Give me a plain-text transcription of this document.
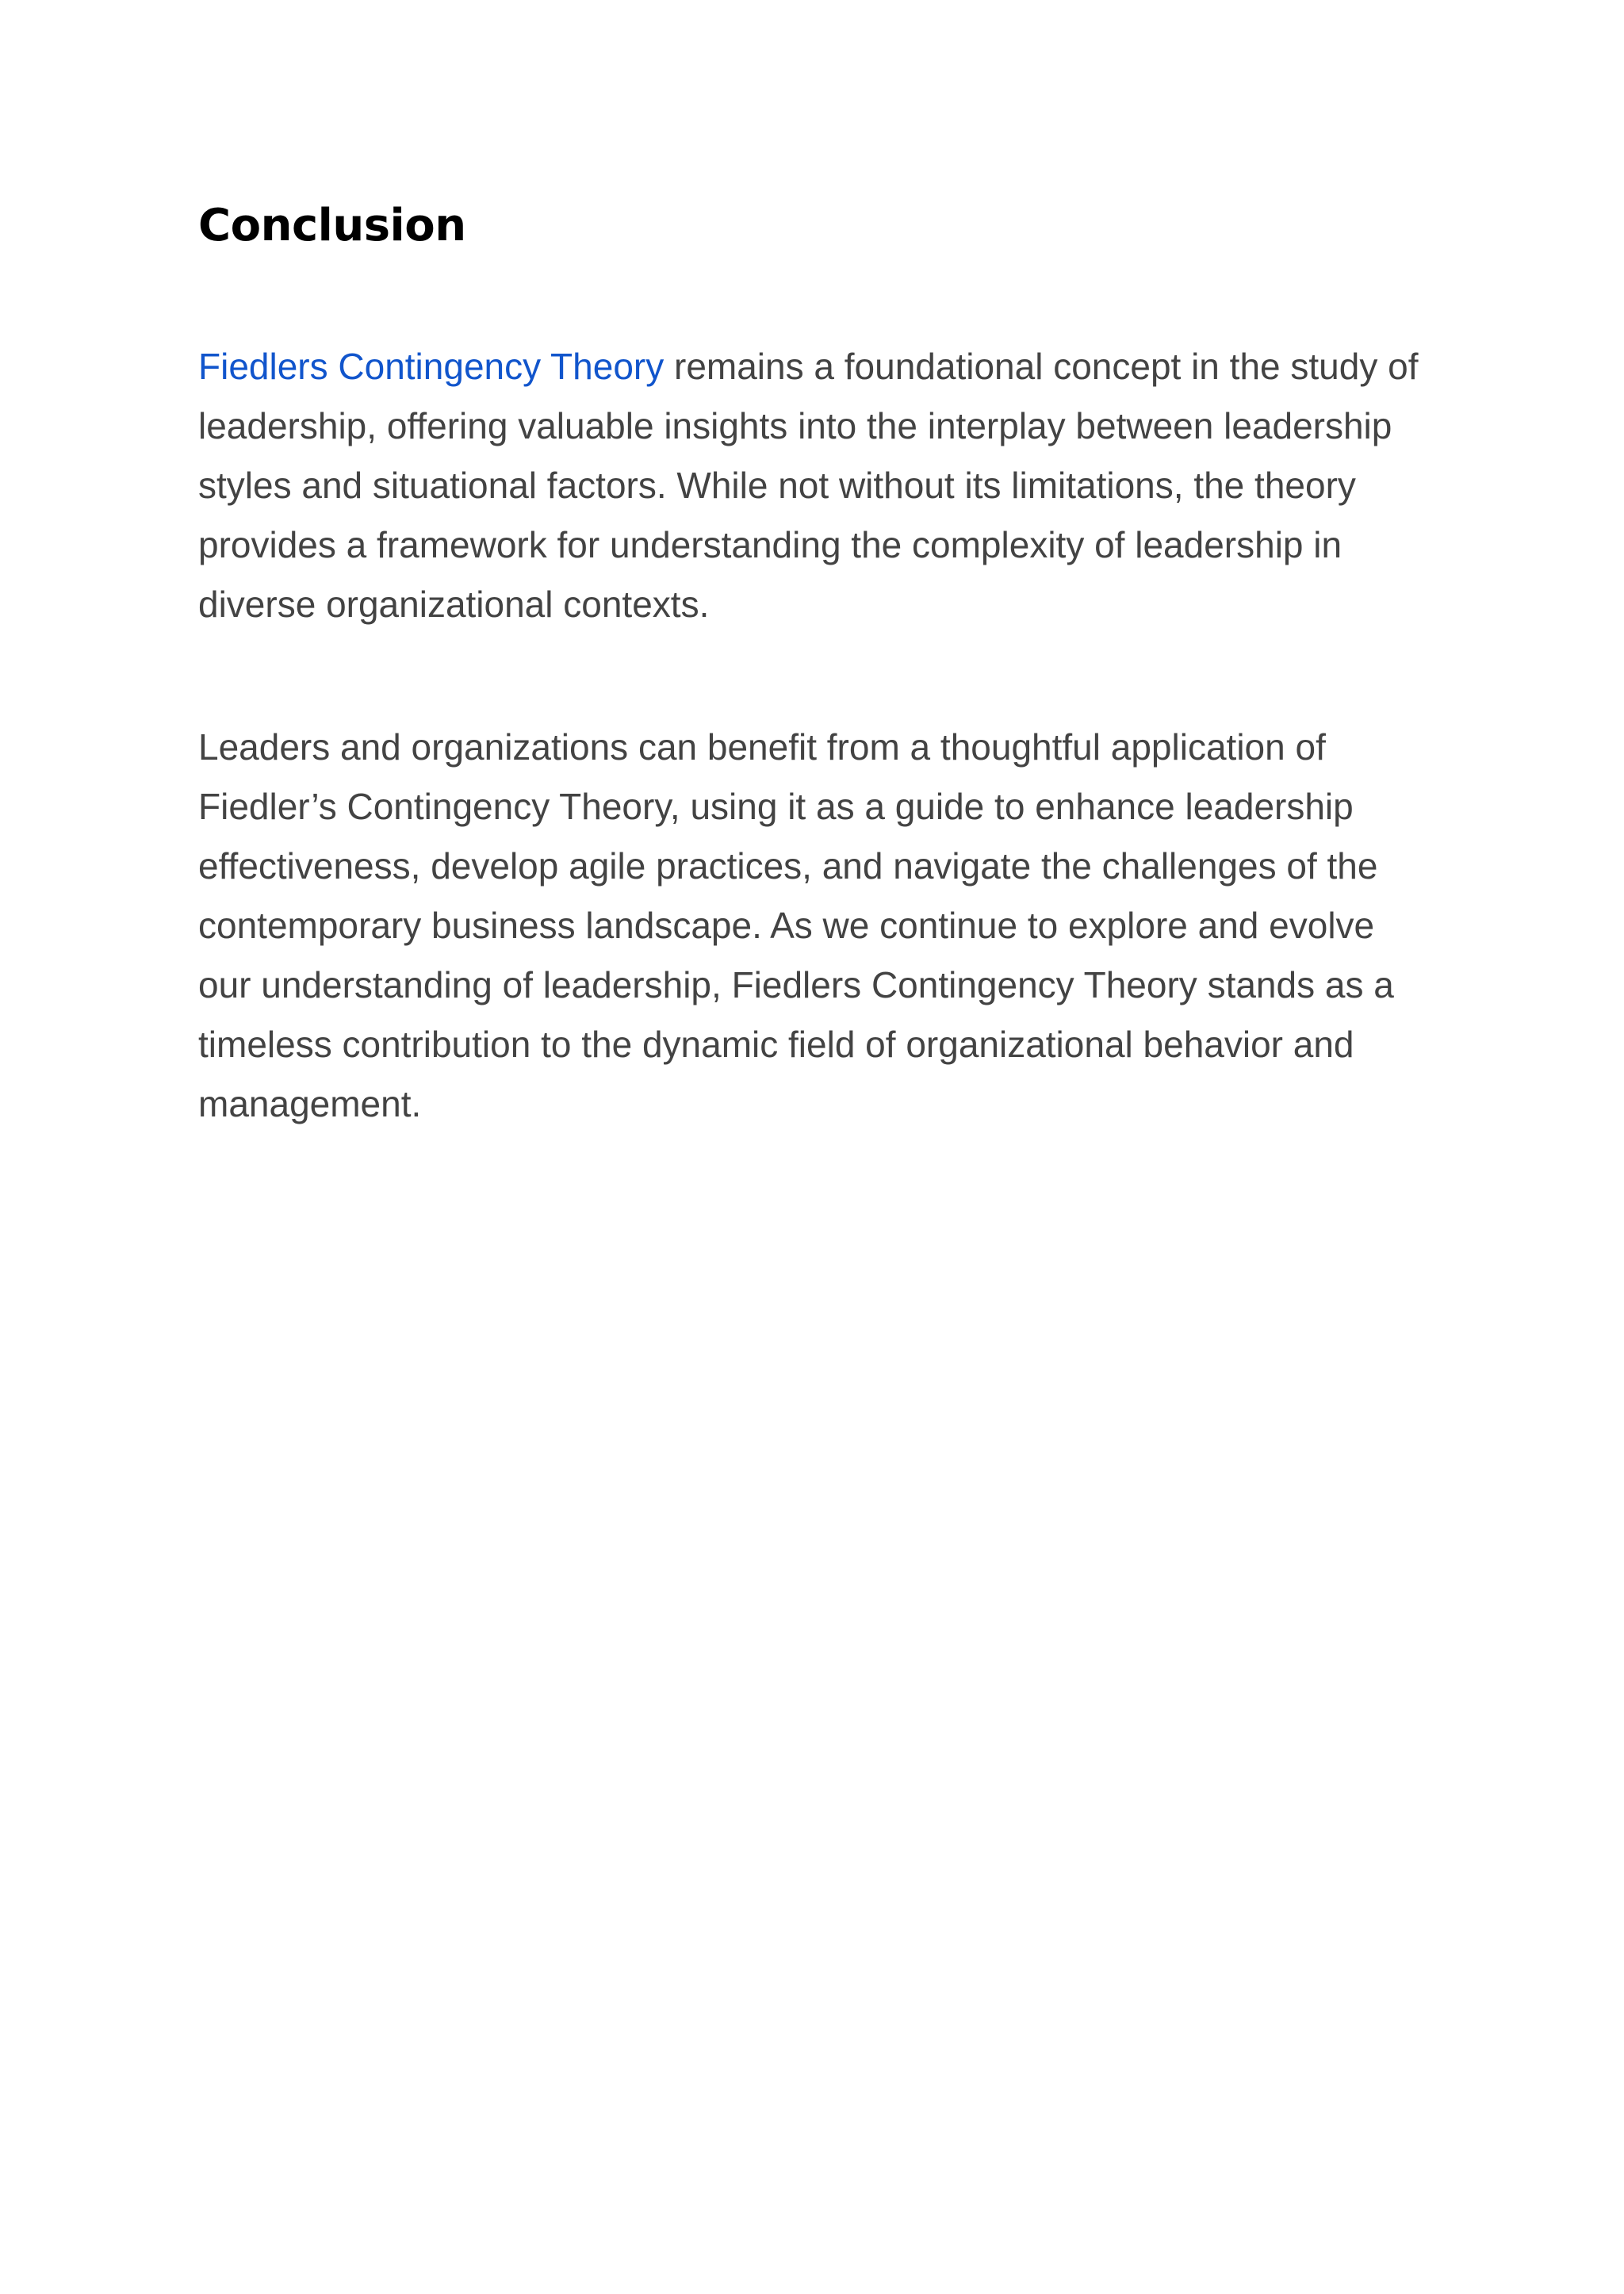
Conclusion

Fiedlers Contingency Theory remains a foundational concept in the study of leadership, offering valuable insights into the interplay between leadership styles and situational factors. While not without its limitations, the theory provides a framework for understanding the complexity of leadership in diverse organizational contexts.

Leaders and organizations can benefit from a thoughtful application of Fiedler’s Contingency Theory, using it as a guide to enhance leadership effectiveness, develop agile practices, and navigate the challenges of the contemporary business landscape. As we continue to explore and evolve our understanding of leadership, Fiedlers Contingency Theory stands as a timeless contribution to the dynamic field of organizational behavior and management.
